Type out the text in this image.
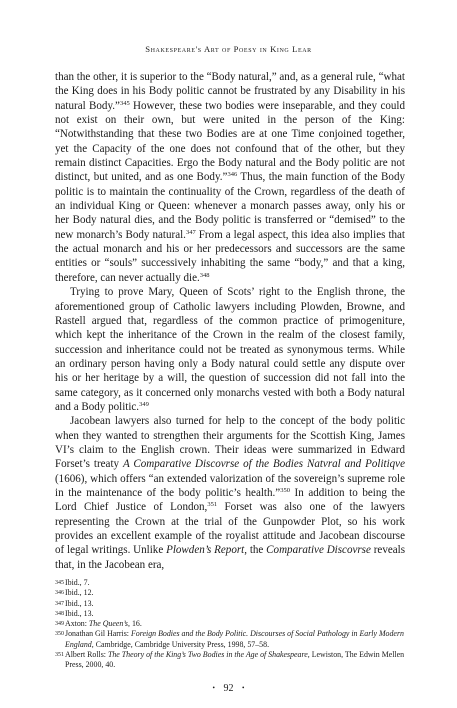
Shakespeare's Art of Poesy in King Lear

than the other, it is superior to the “Body natural,” and, as a general rule, “what the King does in his Body politic cannot be frustrated by any Disability in his natural Body.”$^{345}$ However, these two bodies were inseparable, and they could not exist on their own, but were united in the person of the King: “Notwithstanding that these two Bodies are at one Time conjoined together, yet the Capacity of the one does not confound that of the other, but they remain distinct Capacities. Ergo the Body natural and the Body politic are not distinct, but united, and as one Body.”$^{346}$ Thus, the main function of the Body politic is to maintain the continuality of the Crown, regardless of the death of an individual King or Queen: whenever a monarch passes away, only his or her Body natural dies, and the Body politic is transferred or “demised” to the new monarch’s Body natural.$^{347}$ From a legal aspect, this idea also implies that the actual monarch and his or her predecessors and successors are the same entities or “souls” successively inhabiting the same “body,” and that a king, therefore, can never actually die.$^{348}$

Trying to prove Mary, Queen of Scots’ right to the English throne, the aforementioned group of Catholic lawyers including Plowden, Browne, and Rastell argued that, regardless of the common practice of primogeniture, which kept the inheritance of the Crown in the realm of the closest family, succession and inheritance could not be treated as synonymous terms. While an ordinary person having only a Body natural could settle any dispute over his or her heritage by a will, the question of succession did not fall into the same category, as it concerned only monarchs vested with both a Body natural and a Body politic.$^{349}$

Jacobean lawyers also turned for help to the concept of the body politic when they wanted to strengthen their arguments for the Scottish King, James VI’s claim to the English crown. Their ideas were summarized in Edward Forset’s treaty A Comparative Discovrse of the Bodies Natvral and Politiqve (1606), which offers “an extended valorization of the sovereign’s supreme role in the maintenance of the body politic’s health.”$^{350}$ In addition to being the Lord Chief Justice of London,$^{351}$ Forset was also one of the lawyers representing the Crown at the trial of the Gunpowder Plot, so his work provides an excellent example of the royalist attitude and Jacobean discourse of legal writings. Unlike Plowden’s Report, the Comparative Discovrse reveals that, in the Jacobean era,

345 Ibid., 7.
346 Ibid., 12.
347 Ibid., 13.
348 Ibid., 13.
349 Axton: The Queen’s, 16.
350 Jonathan Gil Harris: Foreign Bodies and the Body Politic. Discourses of Social Pathology in Early Modern England, Cambridge, Cambridge University Press, 1998, 57–58.
351 Albert Rolls: The Theory of the King’s Two Bodies in the Age of Shakespeare, Lewiston, The Edwin Mellen Press, 2000, 40.
• 92 •
